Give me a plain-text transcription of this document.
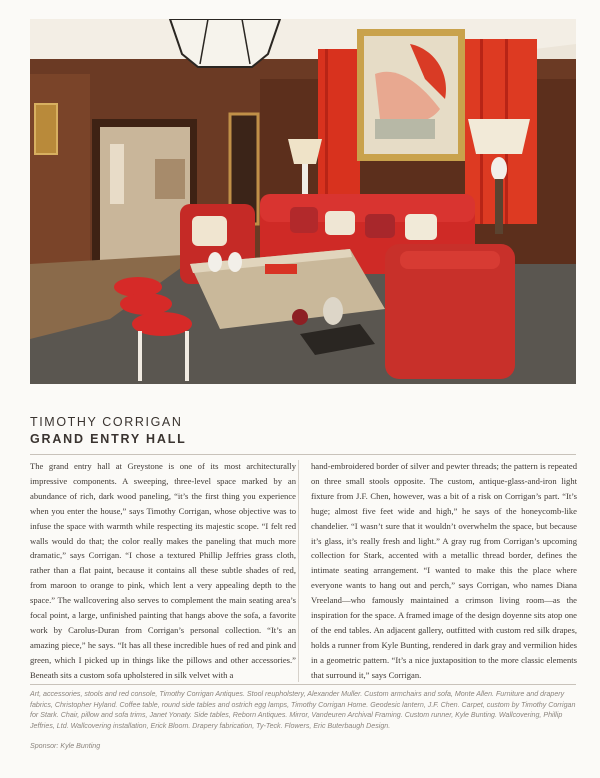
TIMOTHY CORRIGAN
GRAND ENTRY HALL

The grand entry hall at Greystone is one of its most architecturally impressive components. A sweeping, three-level space marked by an abundance of rich, dark wood paneling, “it’s the first thing you experience when you enter the house,” says Timothy Corrigan, whose objective was to infuse the space with warmth while respecting its majestic scope. “I felt red walls would do that; the color really makes the paneling that much more dramatic,” says Corrigan. “I chose a textured Phillip Jeffries grass cloth, rather than a flat paint, because it contains all these subtle shades of red, from maroon to orange to pink, which lent a very appealing depth to the space.” The wallcovering also serves to complement the main seating area’s focal point, a large, unfinished painting that hangs above the sofa, a favorite work by Carolus-Duran from Corrigan’s personal collection. “It’s an amazing piece,” he says. “It has all these incredible hues of red and pink and green, which I picked up in things like the pillows and other accessories.” Beneath sits a custom sofa upholstered in silk velvet with a

hand-embroidered border of silver and pewter threads; the pattern is repeated on three small stools opposite. The custom, antique-glass-and-iron light fixture from J.F. Chen, however, was a bit of a risk on Corrigan’s part. “It’s huge; almost five feet wide and high,” he says of the honeycomb-like chandelier. “I wasn’t sure that it wouldn’t overwhelm the space, but because it’s glass, it’s really fresh and light.” A gray rug from Corrigan’s upcoming collection for Stark, accented with a metallic thread border, defines the intimate seating arrangement. “I wanted to make this the place where everyone wants to hang out and perch,” says Corrigan, who names Diana Vreeland—who famously maintained a crimson living room—as the inspiration for the space. A framed image of the design doyenne sits atop one of the end tables. An adjacent gallery, outfitted with custom red silk drapes, holds a runner from Kyle Bunting, rendered in dark gray and vermilion hides in a geometric pattern. “It’s a nice juxtaposition to the more classic elements that surround it,” says Corrigan.

Art, accessories, stools and red console, Timothy Corrigan Antiques. Stool reupholstery, Alexander Muller. Custom armchairs and sofa, Monte Allen. Furniture and drapery fabrics, Christopher Hyland. Coffee table, round side tables and ostrich egg lamps, Timothy Corrigan Home. Geodesic lantern, J.F. Chen. Carpet, custom by Timothy Corrigan for Stark. Chair, pillow and sofa trims, Janet Yonaty. Side tables, Reborn Antiques. Mirror, Vandeuren Archival Framing. Custom runner, Kyle Bunting. Wallcovering, Phillip Jeffries, Ltd. Wallcovering installation, Erick Bloom. Drapery fabrication, Ty-Teck. Flowers, Eric Buterbaugh Design.
Sponsor: Kyle Bunting
